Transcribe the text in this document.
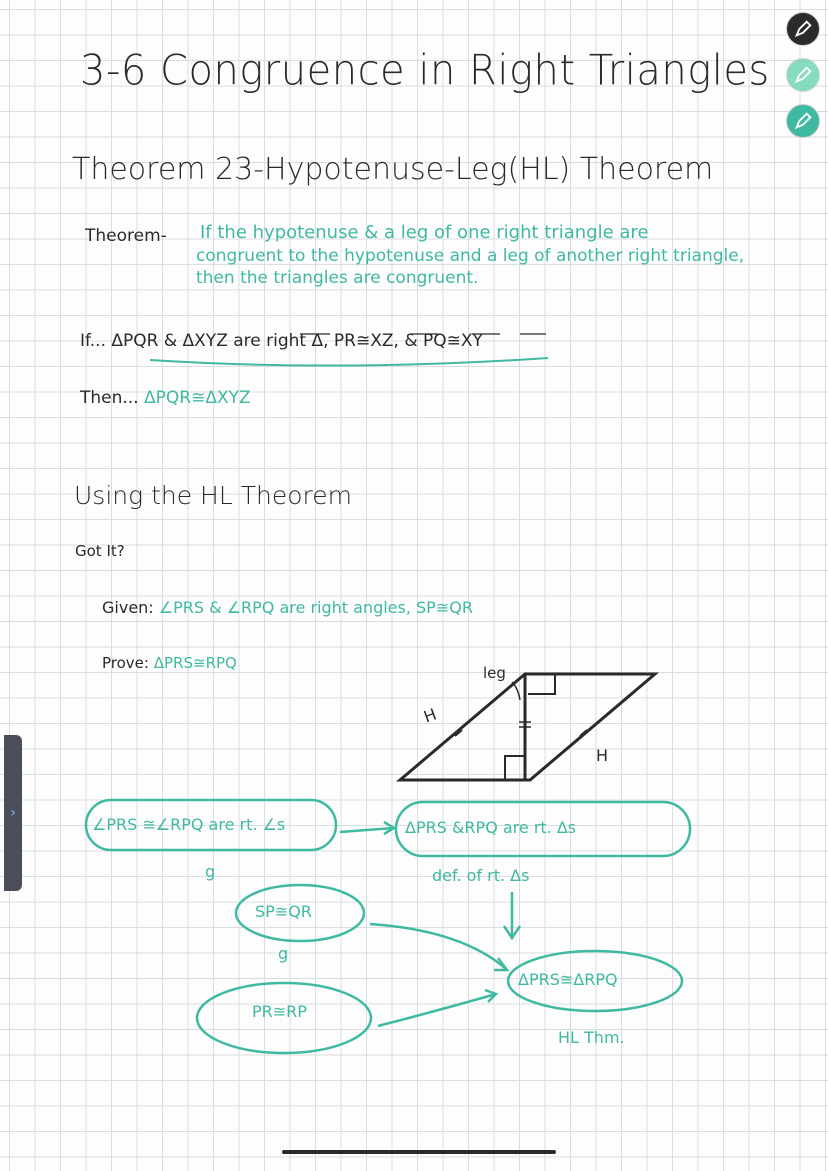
3-6 Congruence in Right Triangles
Theorem 23-Hypotenuse-Leg(HL) Theorem
Theorem- If the hypotenuse & a leg of one right triangle are
congruent to the hypotenuse and a leg of another right triangle,
then the triangles are congruent.
If... ΔPQR & ΔXYZ are right Δ, PR≅XZ, & PQ≅XY
Then... ΔPQR≅ΔXYZ
Using the HL Theorem
Got It?
Given: ∠PRS & ∠RPQ are right angles, SP≅QR
Prove: ΔPRS≅RPQ
leg
H
H
∠PRS ≅∠RPQ are rt. ∠s
g
ΔPRS &RPQ are rt. Δs
def. of rt. Δs
SP≅QR
g
PR≅RP
ΔPRS≅ΔRPQ
HL Thm.
›
